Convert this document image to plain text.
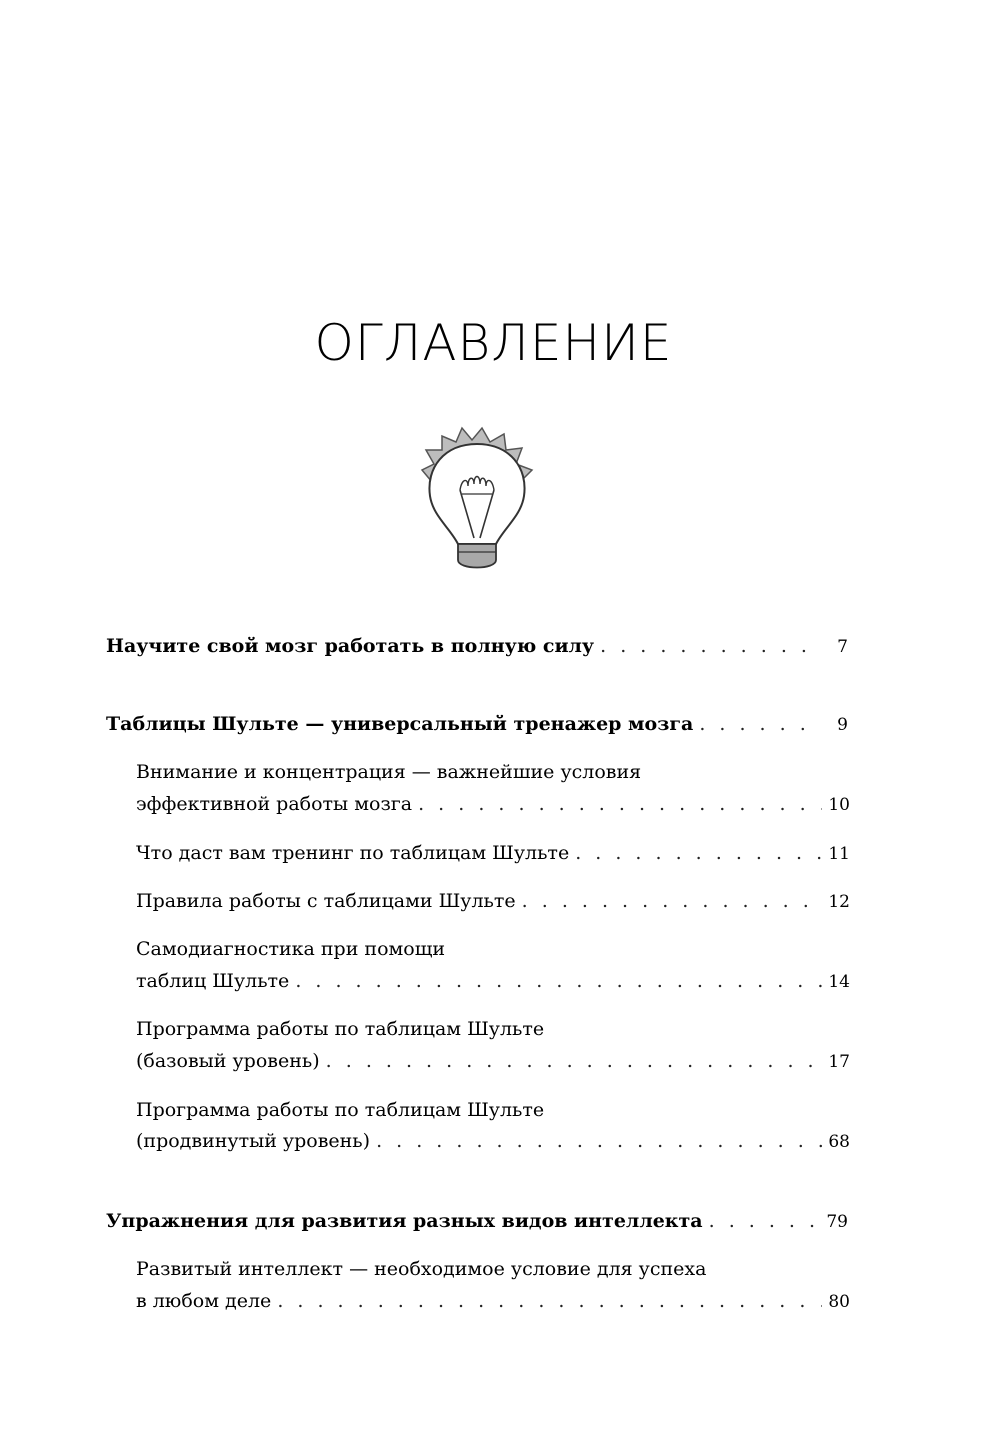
ОГЛАВЛЕНИЕ
Научите свой мозг работать в полную силу . . .	7
Таблицы Шульте — универсальный тренажер мозга . . .	9
Внимание и концентрация — важнейшие условия
эффективной работы мозга . . .	10
Что даст вам тренинг по таблицам Шульте . . .	11
Правила работы с таблицами Шульте . . .	12
Самодиагностика при помощи
таблиц Шульте . . .	14
Программа работы по таблицам Шульте
(базовый уровень) . . .	17
Программа работы по таблицам Шульте
(продвинутый уровень) . . .	68
Упражнения для развития разных видов интеллекта . . .	79
Развитый интеллект — необходимое условие для успеха
в любом деле . . .	80
